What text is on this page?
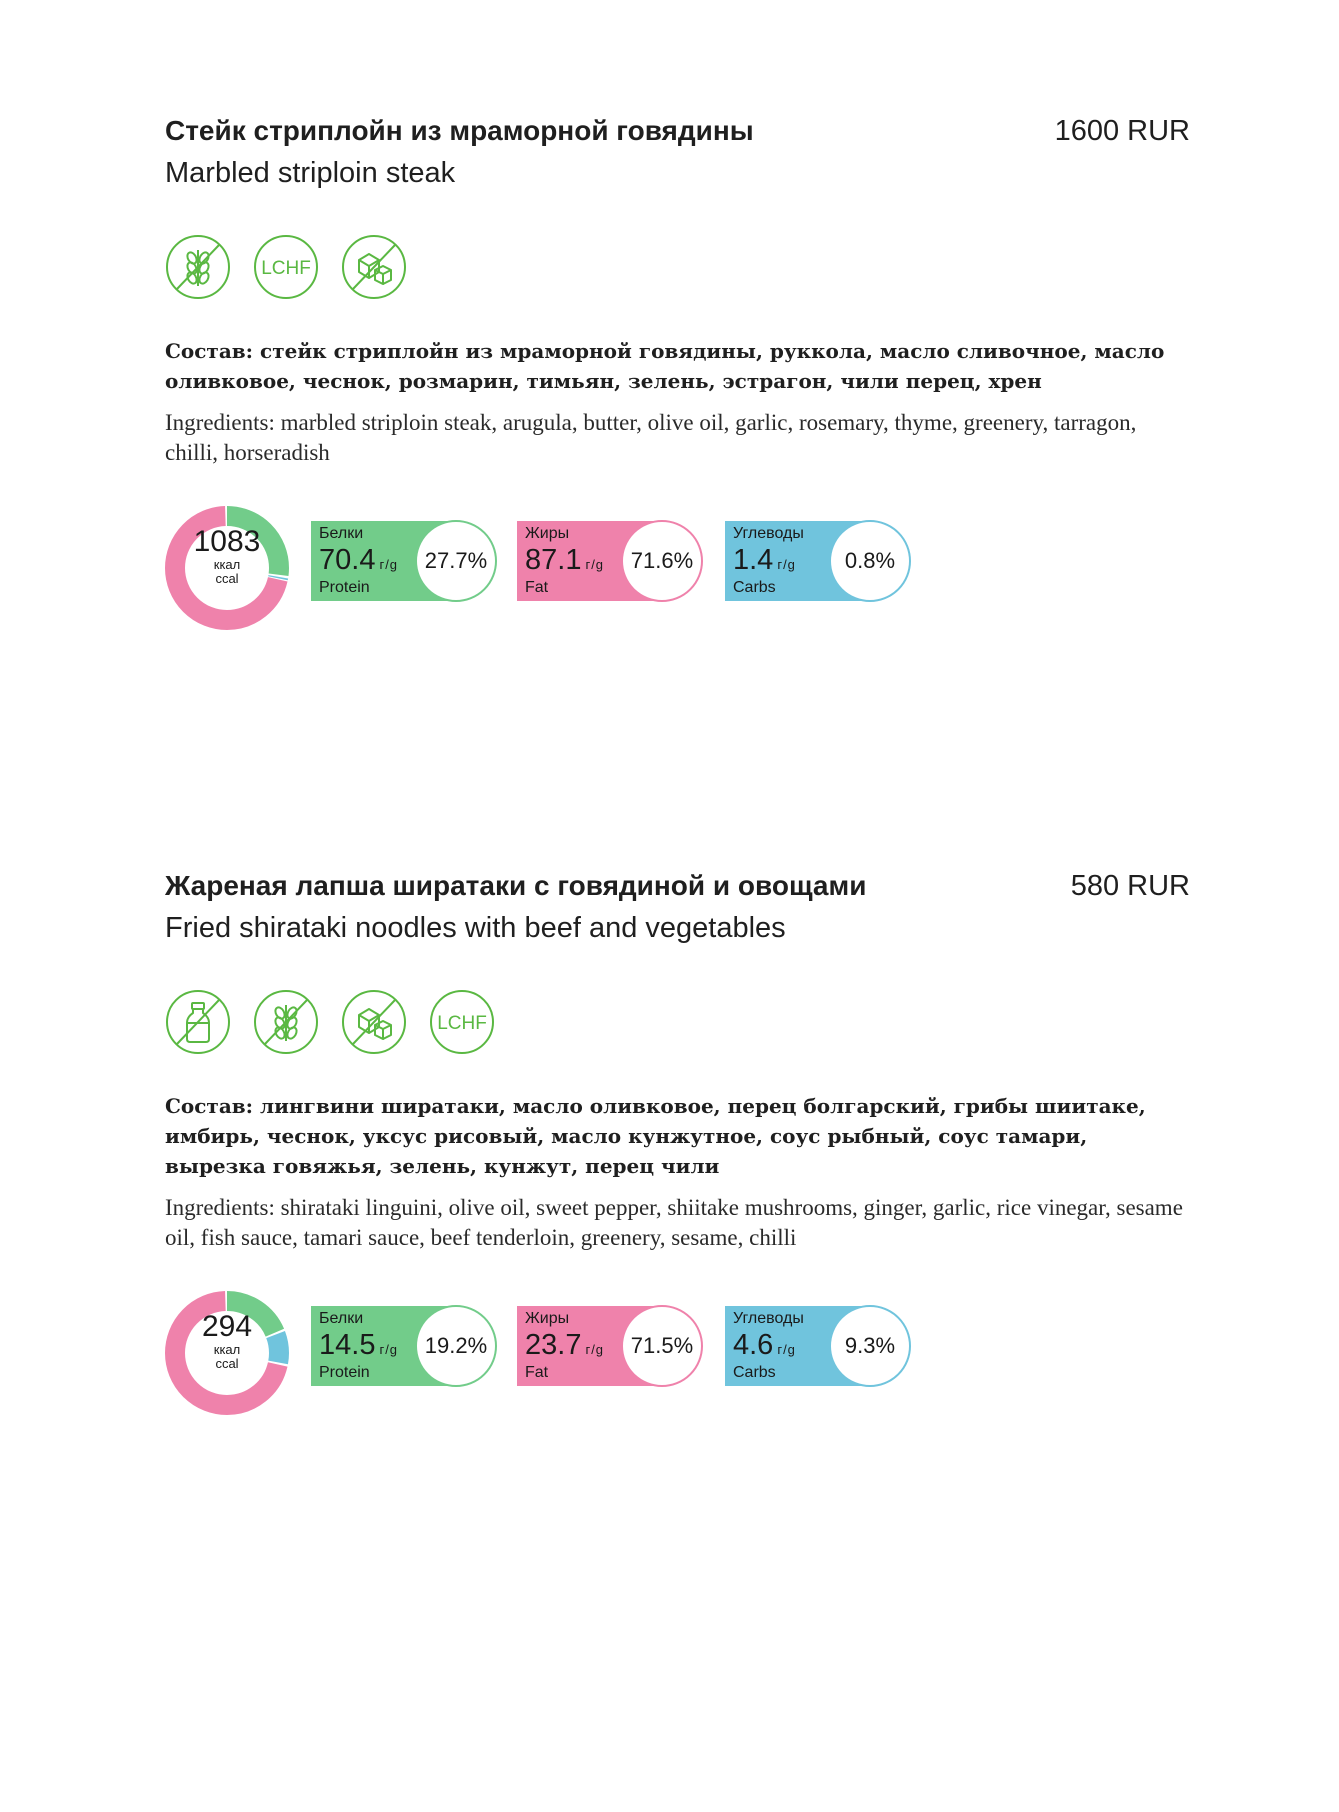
Стейк стриплойн из мраморной говядины	1600 RUR
Marbled striploin steak
LCHF
Состав: стейк стриплойн из мраморной говядины, руккола, масло сливочное, масло оливковое, чеснок, розмарин, тимьян, зелень, эстрагон, чили перец, хрен
Ingredients: marbled striploin steak, arugula, butter, olive oil, garlic, rosemary, thyme, greenery, tarragon, chilli, horseradish
1083
ккал
ccal
Белки
70.4 г/g
Protein
27.7%
Жиры
87.1 г/g
Fat
71.6%
Углеводы
1.4 г/g
Carbs
0.8%
Жареная лапша ширатаки с говядиной и овощами	580 RUR
Fried shirataki noodles with beef and vegetables
LCHF
Состав: лингвини ширатаки, масло оливковое, перец болгарский, грибы шиитаке, имбирь, чеснок, уксус рисовый, масло кунжутное, соус рыбный, соус тамари, вырезка говяжья, зелень, кунжут, перец чили
Ingredients: shirataki linguini, olive oil, sweet pepper, shiitake mushrooms, ginger, garlic, rice vinegar, sesame oil, fish sauce, tamari sauce, beef tenderloin, greenery, sesame, chilli
294
ккал
ccal
Белки
14.5 г/g
Protein
19.2%
Жиры
23.7 г/g
Fat
71.5%
Углеводы
4.6 г/g
Carbs
9.3%
